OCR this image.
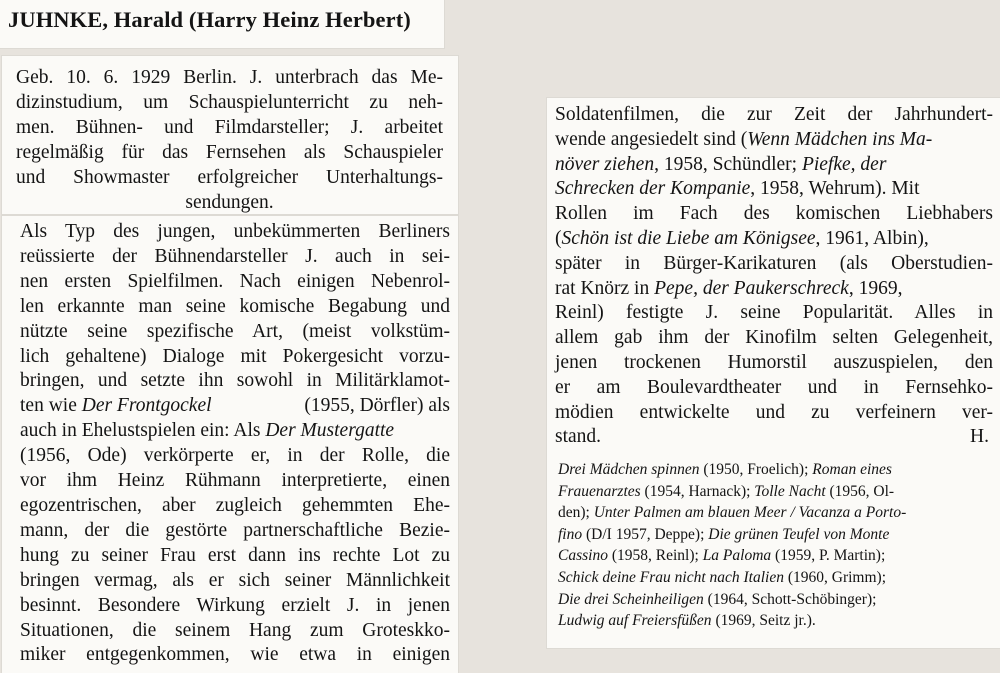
JUHNKE, Harald (Harry Heinz Herbert)
Geb. 10. 6. 1929 Berlin. J. unterbrach das Me-
dizinstudium, um Schauspielunterricht zu neh-
men. Bühnen- und Filmdarsteller; J. arbeitet
regelmäßig für das Fernsehen als Schauspieler
und Showmaster erfolgreicher Unterhaltungs-
sendungen.
Als Typ des jungen, unbekümmerten Berliners
reüssierte der Bühnendarsteller J. auch in sei-
nen ersten Spielfilmen. Nach einigen Nebenrol-
len erkannte man seine komische Begabung und
nützte seine spezifische Art, (meist volkstüm-
lich gehaltene) Dialoge mit Pokergesicht vorzu-
bringen, und setzte ihn sowohl in Militärklamot-
ten wie Der Frontgockel	(1955, Dörfler) als
auch in Ehelustspielen ein: Als Der Mustergatte
(1956, Ode) verkörperte er, in der Rolle, die
vor ihm Heinz Rühmann interpretierte, einen
egozentrischen, aber zugleich gehemmten Ehe-
mann, der die gestörte partnerschaftliche Bezie-
hung zu seiner Frau erst dann ins rechte Lot zu
bringen vermag, als er sich seiner Männlichkeit
besinnt. Besondere Wirkung erzielt J. in jenen
Situationen, die seinem Hang zum Groteskko-
miker entgegenkommen, wie etwa in einigen
Soldatenfilmen, die zur Zeit der Jahrhundert-
wende angesiedelt sind (Wenn Mädchen ins Ma-
növer ziehen, 1958, Schündler; Piefke, der
Schrecken der Kompanie, 1958, Wehrum). Mit
Rollen im Fach des komischen Liebhabers
(Schön ist die Liebe am Königsee, 1961, Albin),
später in Bürger-Karikaturen (als Oberstudien-
rat Knörz in Pepe, der Paukerschreck, 1969,
Reinl) festigte J. seine Popularität. Alles in
allem gab ihm der Kinofilm selten Gelegenheit,
jenen trockenen Humorstil auszuspielen, den
er am Boulevardtheater und in Fernsehko-
mödien entwickelte und zu verfeinern ver-
stand.	H.
Drei Mädchen spinnen (1950, Froelich); Roman eines
Frauenarztes (1954, Harnack); Tolle Nacht (1956, Ol-
den); Unter Palmen am blauen Meer / Vacanza a Porto-
fino (D/I 1957, Deppe); Die grünen Teufel von Monte
Cassino (1958, Reinl); La Paloma (1959, P. Martin);
Schick deine Frau nicht nach Italien (1960, Grimm);
Die drei Scheinheiligen (1964, Schott-Schöbinger);
Ludwig auf Freiersfüßen (1969, Seitz jr.).
